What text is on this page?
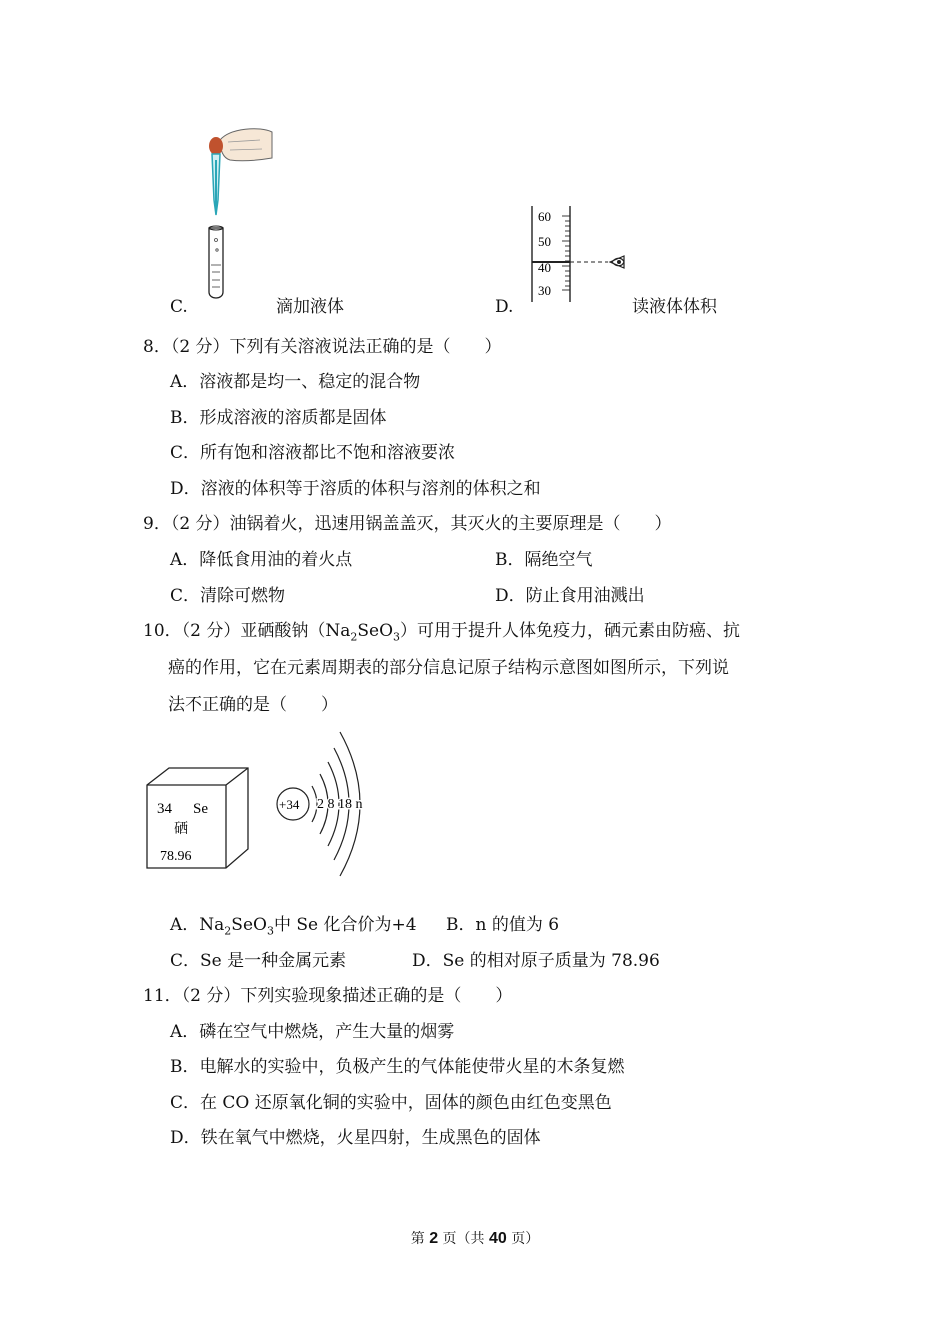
60
50
40
30
C.	滴加液体	D.	读液体体积
8．（2 分）下列有关溶液说法正确的是（　　）
A．溶液都是均一、稳定的混合物
B．形成溶液的溶质都是固体
C．所有饱和溶液都比不饱和溶液要浓
D．溶液的体积等于溶质的体积与溶剂的体积之和
9．（2 分）油锅着火，迅速用锅盖盖灭，其灭火的主要原理是（　　）
A．降低食用油的着火点	B．隔绝空气
C．清除可燃物	D．防止食用油溅出
10．（2 分）亚硒酸钠$(Na_2SeO_3)$可用于提升人体免疫力，硒元素由防癌、抗
癌的作用，它在元素周期表的部分信息记原子结构示意图如图所示，下列说
法不正确的是（　　）
34 Se
硒
78.96
+34 2 8 18 n
A．$Na_2SeO_3$中 Se 化合价为+4 B．n 的值为 6
C．Se 是一种金属元素	D．Se 的相对原子质量为 78.96
11．（2 分）下列实验现象描述正确的是（　　）
A．磷在空气中燃烧，产生大量的烟雾
B．电解水的实验中，负极产生的气体能使带火星的木条复燃
C．在 CO 还原氧化铜的实验中，固体的颜色由红色变黑色
D．铁在氧气中燃烧，火星四射，生成黑色的固体
第 2 页（共 40 页）
